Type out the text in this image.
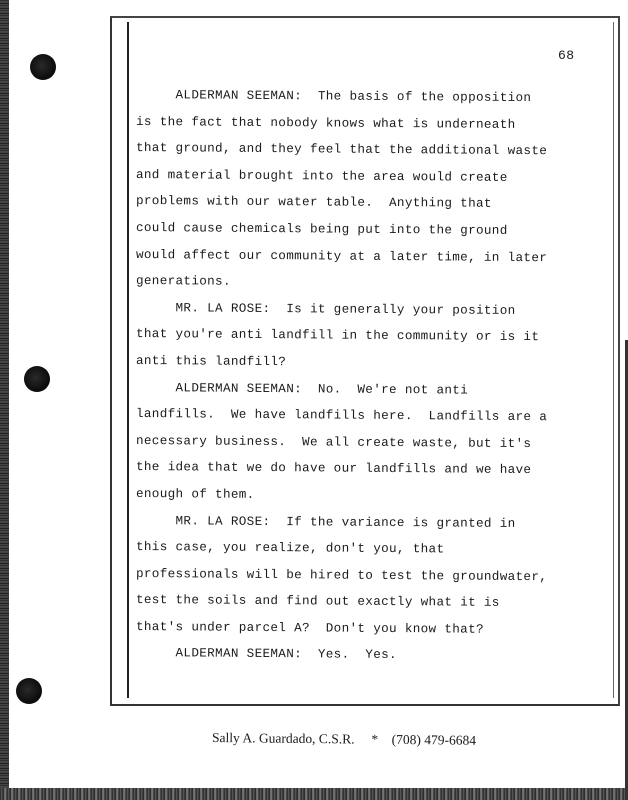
68
ALDERMAN SEEMAN:  The basis of the opposition
is the fact that nobody knows what is underneath
that ground, and they feel that the additional waste
and material brought into the area would create
problems with our water table.  Anything that
could cause chemicals being put into the ground
would affect our community at a later time, in later
generations.
MR. LA ROSE:  Is it generally your position
that you're anti landfill in the community or is it
anti this landfill?
ALDERMAN SEEMAN:  No.  We're not anti
landfills.  We have landfills here.  Landfills are a
necessary business.  We all create waste, but it's
the idea that we do have our landfills and we have
enough of them.
MR. LA ROSE:  If the variance is granted in
this case, you realize, don't you, that
professionals will be hired to test the groundwater,
test the soils and find out exactly what it is
that's under parcel A?  Don't you know that?
ALDERMAN SEEMAN:  Yes.  Yes.
Sally A. Guardado, C.S.R. * (708) 479-6684
